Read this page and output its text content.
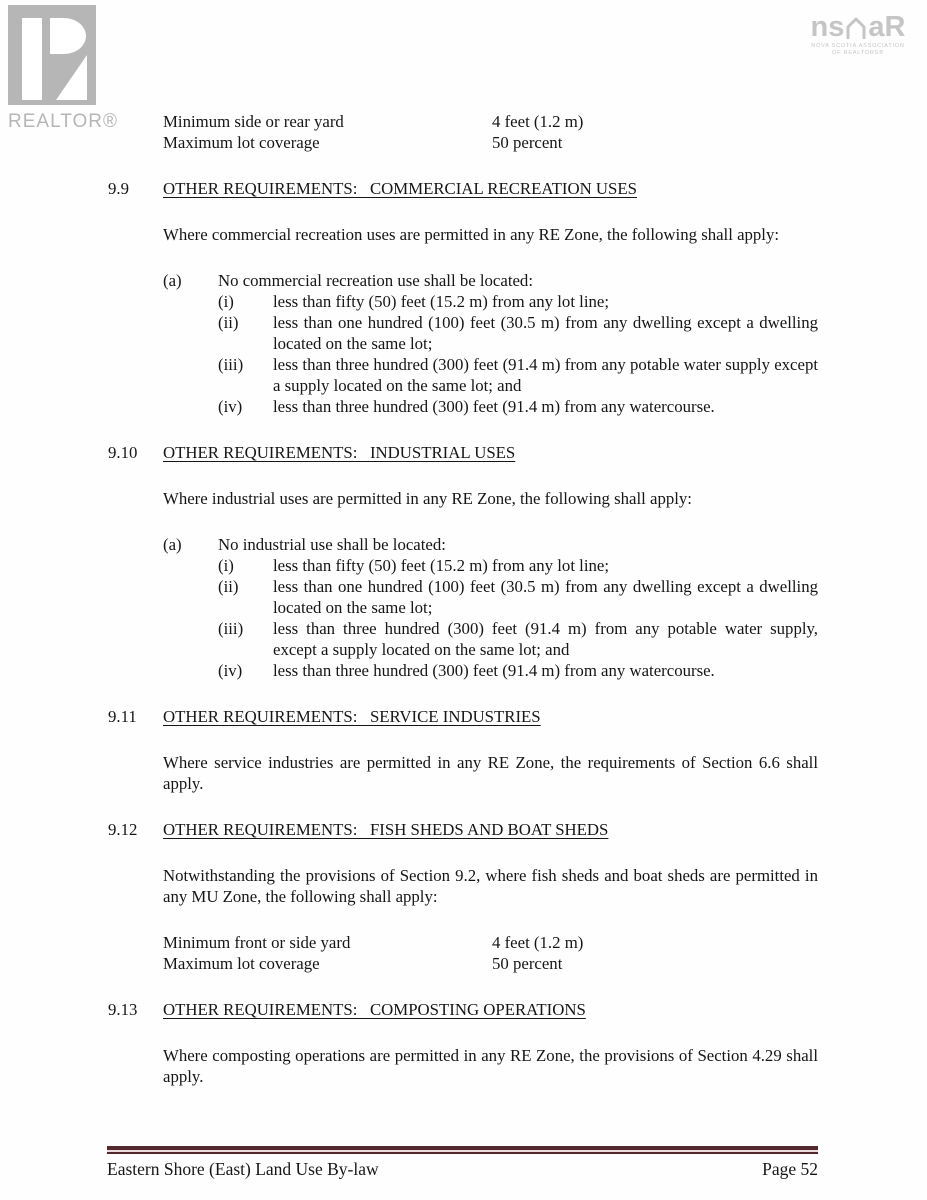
REALTOR®
ns aR
NOVA SCOTIA ASSOCIATION
OF REALTORS®
Minimum side or rear yard	4 feet (1.2 m)
Maximum lot coverage	50 percent
9.9	OTHER REQUIREMENTS:   COMMERCIAL RECREATION USES
Where commercial recreation uses are permitted in any RE Zone, the following shall apply:
(a)	No commercial recreation use shall be located:
(i)	less than fifty (50) feet (15.2 m) from any lot line;
(ii)	less than one hundred (100) feet (30.5 m) from any dwelling except a dwelling located on the same lot;
(iii)	less than three hundred (300) feet (91.4 m) from any potable water supply except a supply located on the same lot; and
(iv)	less than three hundred (300) feet (91.4 m) from any watercourse.
9.10	OTHER REQUIREMENTS:   INDUSTRIAL USES
Where industrial uses are permitted in any RE Zone, the following shall apply:
(a)	No industrial use shall be located:
(i)	less than fifty (50) feet (15.2 m) from any lot line;
(ii)	less than one hundred (100) feet (30.5 m) from any dwelling except a dwelling located on the same lot;
(iii)	less than three hundred (300) feet (91.4 m) from any potable water supply, except a supply located on the same lot; and
(iv)	less than three hundred (300) feet (91.4 m) from any watercourse.
9.11	OTHER REQUIREMENTS:   SERVICE INDUSTRIES
Where service industries are permitted in any RE Zone, the requirements of Section 6.6 shall apply.
9.12	OTHER REQUIREMENTS:   FISH SHEDS AND BOAT SHEDS
Notwithstanding the provisions of Section 9.2, where fish sheds and boat sheds are permitted in any MU Zone, the following shall apply:
Minimum front or side yard	4 feet (1.2 m)
Maximum lot coverage	50 percent
9.13	OTHER REQUIREMENTS:   COMPOSTING OPERATIONS
Where composting operations are permitted in any RE Zone, the provisions of Section 4.29 shall apply.
Eastern Shore (East) Land Use By-law	Page 52
